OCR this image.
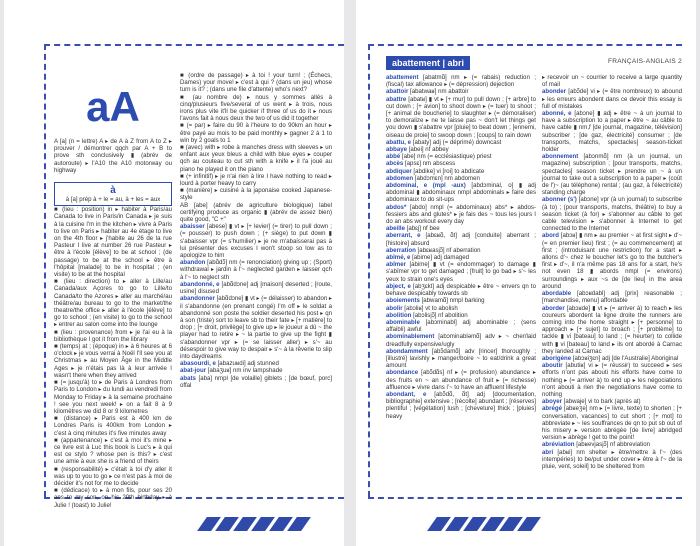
aA

A [a] (n = lettre) A ▸ de A à Z from A to Z ▸ prouver / démontrer qqch par A + B to prove sth conclusively ▮ (abrév de autoroute) ▸ l'A10 the A10 motorway ou highway

à

à [a] prép à + le = au, à + les = aux

■ (lieu : position) in ▸ habiter à Paris/au Canada to live in Paris/in Canada ▸ je suis à la cuisine I'm in the kitchen ▸ vivre à Paris to live on Paris ▸ habiter au 4e étage to live on the 4th floor ▸ j'habite au 26 de la rue Pasteur I live at number 26 rue Pasteur ▸ être à l'école [élève] to be at school ; (de passage) to be at the school ▸ être à l'hôpital [malade] to be in hospital ; (en visite) to be at the hospital

■ (lieu : direction) to ▸ aller à Lille/au Canada/aux Açores to go to Lille/to Canada/to the Azores ▸ aller au marché/au théâtre/au bureau to go to the market/the theatre/the office ▸ aller à l'école [élève] to go to school ; (en visite) to go to the school ▸ entrer au salon come into the lounge

■ (lieu : provenance) from ▸ je l'ai eu à la bibliothèque I got it from the library

■ (temps) at ; (époque) in ▸ à 6 heures at 6 o'clock ▸ je vous verrai à Noël I'll see you at Christmas ▸ au Moyen Âge in the Middle Ages ▸ je n'étais pas là à leur arrivée I wasn't there when they arrived

■ (= jusqu'à) to ▸ de Paris à Londres from Paris to London ▸ du lundi au vendredi from Monday to Friday ▸ à la semaine prochaine ! see you next week! ▸ on a fait 8 à 9 kilomètres we did 8 or 9 kilometres

■ (distance) ▸ Paris est à 400 km de Londres Paris is 400km from London ▸ c'est à cinq minutes it's five minutes away

■ (appartenance) ▸ c'est à moi it's mine ▸ ce livre est à Luc this book is Luc's ▸ à qui est ce stylo ? whose pen is this? ▸ c'est une amie à eux she is a friend of theirs

■ (responsabilité) ▸ c'était à toi d'y aller it was up to you to go ▸ ce n'est pas à moi de décider it's not for me to decide

■ (dédicace) to ▸ à mon fils, pour ses 20 ans to my son, on his 20th birthday ▸ à Julie ! (toast) to Julie!

■ (ordre de passage) ▸ à toi ! your turn! ; (Échecs, Dames) your move! ▸ c'est à qui ? (dans un jeu) whose turn is it? ; (dans une file d'attente) who's next?

■ (au nombre de) ▸ nous y sommes allés à cinq/plusieurs five/several of us went ▸ à trois, nous irons plus vite it'll be quicker if three of us do it ▸ nous l'avons fait à nous deux the two of us did it together

■ (= par) ▸ faire du 90 à l'heure to do 90km an hour ▸ être payé au mois to be paid monthly ▸ gagner 2 à 1 to win by 2 goals to 1

■ (avec) with ▸ robe à manches dress with sleeves ▸ un enfant aux yeux bleus a child with blue eyes ▸ couper qch au couteau to cut sth with a knife ▸ il l'a joué au piano he played it on the piano

■ (+ infinitif) ▸ je n'ai rien à lire I have nothing to read ▸ lourd à porter heavy to carry

■ (manière) ▸ cuisiné à la japonaise cooked Japanese-style

AB [abe] (abrév de agriculture biologique) label certifying produce as organic ▮ (abrév de assez bien) quite good, "C +"

abaisser [abese] ▮ vt ▸ [+ levier] (= tirer) to pull down ; (= pousser) to push down ; (+ siège) to put down ▮ s'abaisser vpr (= s'humilier) ▸ je ne m'abaisserai pas à lui présenter des excuses I won't stoop so low as to apologize to him

abandon [abɑ̃dɔ̃] nm (= renonciation) giving up ; (Sport) withdrawal ▸ jardin à l'~ neglected garden ▸ laisser qch à l'~ to neglect sth

abandonné, e [abɑ̃dɔne] adj [maison] deserted ; [route, usine] disused

abandonner [abɑ̃dɔne] ▮ vt ▸ (= délaisser) to abandon ▸ il s'abandonne (en prenant congé) I'm off ▸ le soldat a abandonné son poste the soldier deserted his post ▸ qn à son (triste) sort to leave sb to their fate ▸ [+ matière] to drop ; [+ droit, privilège] to give up ▸ le joueur a dû ~ the player had to retire ▸ ~ la partie to give up the fight ▮ s'abandonner vpr ▸ (= se laisser aller) ▸ s'~ au désespoir to give way to despair ▸ s'~ à la rêverie to slip into daydreams

abasourdi, e [abazuʁdi] adj stunned

abat-jour [abaʒuʁ] nm inv lampshade

abats [aba] nmpl [de volaille] giblets ; [de bœuf, porc] offal

abattement | abri	FRANÇAIS-ANGLAIS 2

abattement [abatmɑ̃] nm ▸ (= rabais) reduction ; (fiscal) tax allowance ▸ (= dépression) dejection

abattoir [abatwaʁ] nm abattoir

abattre [abatʁ] ▮ vt ▸ [+ mur] to pull down ; [+ arbre] to cut down ; [+ avion] to shoot down ▸ (= tuer) to shoot ; [+ animal de boucherie] to slaughter ▸ (= démoraliser) to demoralize ▸ ne te laisse pas ~ don't let things get you down ▮ s'abattre vpr [pluie] to beat down ; [ennemi, oiseau de proie] to swoop down ; [coups] to rain down

abattu, e [abaty] adj (= déprimé) downcast

abbaye [abei] nf abbey

abbé [abe] nm (= ecclésiastique) priest

abcès [apsɛ] nm abscess

abdiquer [abdike] vi [roi] to abdicate

abdomen [abdɔmɛn] nm abdomen

abdominal, e (mpl -aux) [abdɔminal, o] ▮ adj abdominal ▮ abdominaux nmpl abdominals ▸ faire des abdominaux to do sit-ups

abdos* [abdo] nmpl (= abdominaux) abs* ▸ abdos-fessiers abs and glutes* ▸ je fais des ~ tous les jours I do an abs workout every day

abeille [abɛj] nf bee

aberrant, e [abɛʁɑ̃, ɑ̃t] adj [conduite] aberrant ; [histoire] absurd

aberration [abɛʁasjɔ̃] nf aberration

abîmé, e [abime] adj damaged

abîmer [abime] ▮ vt (= endommager) to damage ▮ s'abîmer vpr to get damaged ; [fruit] to go bad ▸ s'~ les yeux to strain one's eyes

abject, e [abʒɛkt] adj despicable ▸ être ~ envers qn to behave despicably towards sb

aboiements [abwamɑ̃] nmpl barking

abolir [abɔliʁ] vt to abolish

abolition [abɔlisjɔ̃] nf abolition

abominable [abɔminabl] adj abominable ; (sens affaibli) awful

abominablement [abɔminabləmɑ̃] adv ▸ ~ cher/laid dreadfully expensive/ugly

abondamment [abɔ̃damɑ̃] adv [rincer] thoroughly ; [illustré] lavishly ▸ manger/boire ~ to eat/drink a great amount

abondance [abɔ̃dɑ̃s] nf ▸ (= profusion) abundance ▸ des fruits en ~ an abundance of fruit ▸ (= richesse) affluence ▸ vivre dans l'~ to have an affluent lifestyle

abondant, e [abɔ̃dɑ̃, ɑ̃t] adj [documentation, bibliographie] extensive ; [récolte] abundant ; [réserves] plentiful ; [végétation] lush ; [chevelure] thick ; [pluies] heavy

▸ recevoir un ~ courrier to receive a large quantity of mail

abonder [abɔ̃de] vi ▸ (= être nombreux) to abound ▸ les erreurs abondent dans ce devoir this essay is full of mistakes

abonné, e [abɔne] ▮ adj ▸ être ~ à un journal to have a subscription to a paper ▸ être ~ au câble to have cable ▮ nm,f [de journal, magazine, télévision] subscriber ; [de gaz, électricité] consumer ; [de transports, matchs, spectacles] season-ticket holder

abonnement [abɔnmɑ̃] nm (à un journal, un magazine) subscription ; [pour transports, matchs, spectacles] season ticket ▸ prendre un ~ à un journal to take out a subscription to a paper ▸ (coût de l')~ (au téléphone) rental ; (au gaz, à l'électricité) standing charge

abonner (s') [abɔne] vpr (à un journal) to subscribe (à to) ; (pour transports, matchs, théâtre) to buy a season ticket (à for) ▸ s'abonner au câble to get cable television ▸ s'abonner à Internet to get connected to the Internet

abord [abɔʁ] ▮ nm ▸ au premier ~ at first sight ▸ d'~ (= en premier lieu) first ; (= au commencement) at first ; (introduisant une restriction) for a start ▸ allons d'~ chez le boucher let's go to the butcher's first ▸ d'~, il n'a même pas 18 ans for a start, he's not even 18 ▮ abords nmpl (= environs) surroundings ▸ aux ~s de [de lieu] in the area around

abordable [abɔʁdabl] adj [prix] reasonable ; [marchandise, menu] affordable

aborder [abɔʁde] ▮ vt ▸ (= arriver à) to reach ▸ les coureurs abordent la ligne droite the runners are coming into the home straight ▸ [+ personne] to approach ▸ [+ sujet] to broach ; [+ problème] to tackle ▮ vi [bateau] to land ; (= heurter) to collide with ▮ vi [bateau] to land ▸ ils ont abordé à Carnac they landed at Carnac

aborigène [abɔʁiʒɛn] adj [de l'Australie] Aboriginal

aboutir [abutiʁ] vi ▸ (= réussir) to succeed ▸ ses efforts n'ont pas abouti his efforts have come to nothing ▸ (= arriver à) to end up ▸ les négociations n'ont abouti à rien the negotiations have come to nothing

aboyer [abwaje] vi to bark (après at)

abrégé [abʁeʒe] nm ▸ (= livre, texte) to shorten ; [+ conversation, vacances] to cut short ; [+ mot] to abbreviate ▸ ~ les souffrances de qn to put sb out of his misery ▸ version abrégée [de livre] abridged version ▸ abrège ! get to the point!

abréviation [abʁevjasjɔ̃] nf abbreviation

abri [abʁi] nm shelter ▸ être/mettre à l'~ (des intempéries) to be/put under cover ▸ être à l'~ de la pluie, vent, soleil] to be sheltered from
